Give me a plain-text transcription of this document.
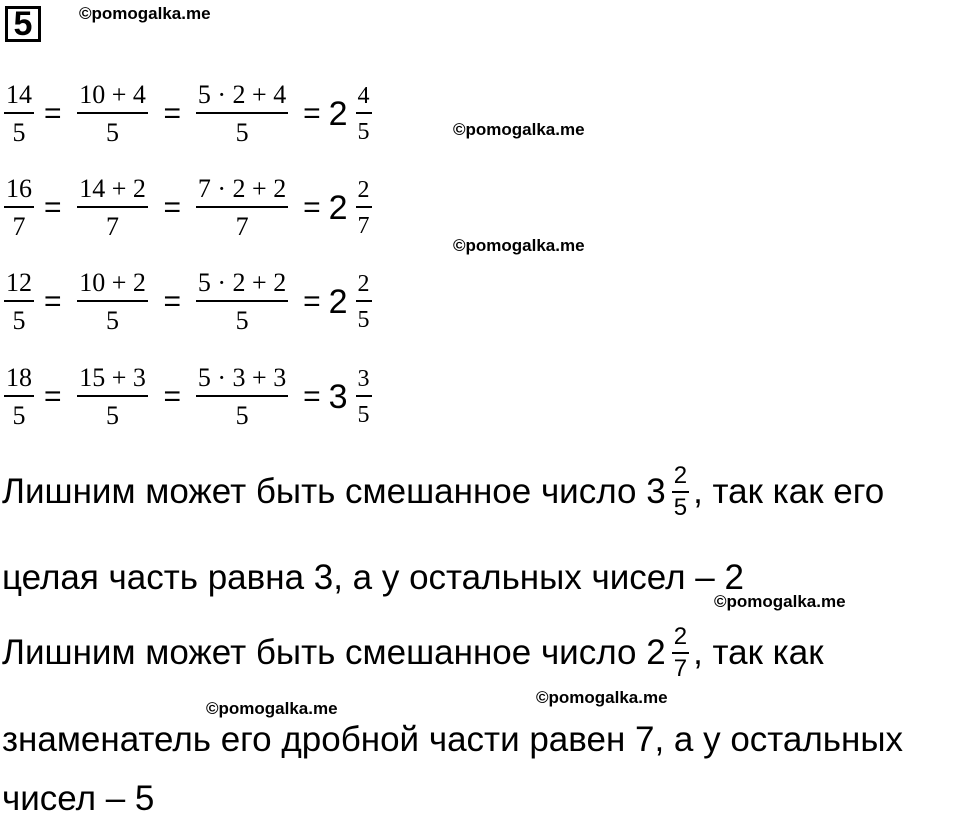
5	©pomogalka.me
©pomogalka.me
©pomogalka.me
©pomogalka.me
©pomogalka.me
©pomogalka.me
$\frac{14}{5} = \frac{10 + 4}{5} = \frac{5 \cdot 2 + 4}{5} = 2 \frac{4}{5}$
$\frac{16}{7} = \frac{14 + 2}{7} = \frac{7 \cdot 2 + 2}{7} = 2 \frac{2}{7}$
$\frac{12}{5} = \frac{10 + 2}{5} = \frac{5 \cdot 2 + 2}{5} = 2 \frac{2}{5}$
$\frac{18}{5} = \frac{15 + 3}{5} = \frac{5 \cdot 3 + 3}{5} = 3 \frac{3}{5}$
Лишним может быть смешанное число $3 \frac{2}{5}$ , так как его
целая часть равна 3, а у остальных чисел – 2
Лишним может быть смешанное число $2 \frac{2}{7}$ , так как
знаменатель его дробной части равен 7, а у остальных
чисел – 5
